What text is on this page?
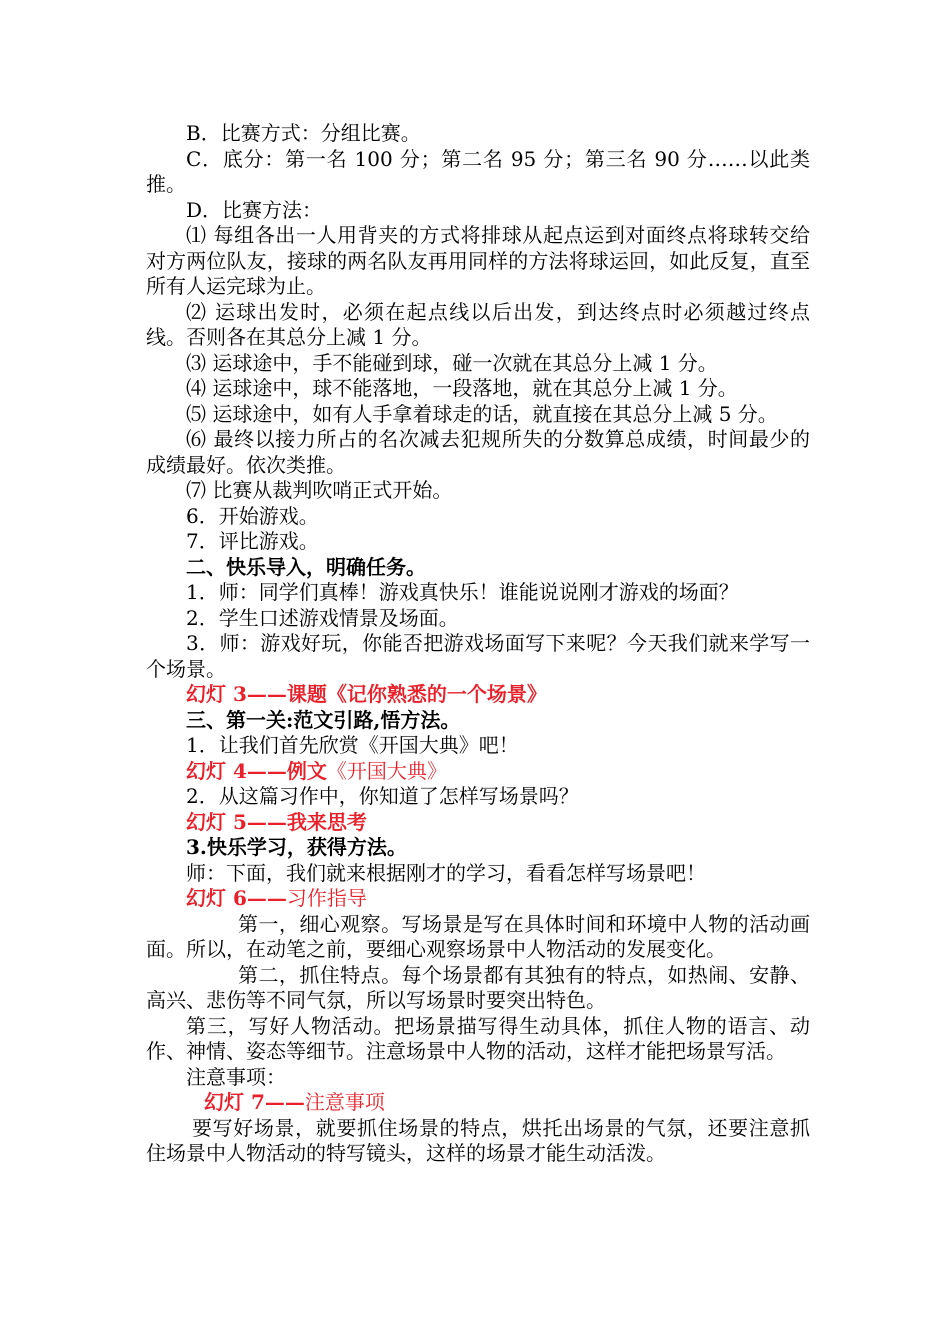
B．比赛方式：分组比赛。

C．底分：第一名 100 分；第二名 95 分；第三名 90 分……以此类推。

D．比赛方法：

⑴ 每组各出一人用背夹的方式将排球从起点运到对面终点将球转交给对方两位队友，接球的两名队友再用同样的方法将球运回，如此反复，直至所有人运完球为止。

⑵ 运球出发时，必须在起点线以后出发，到达终点时必须越过终点线。否则各在其总分上减 1 分。

⑶ 运球途中，手不能碰到球，碰一次就在其总分上减 1 分。

⑷ 运球途中，球不能落地，一段落地，就在其总分上减 1 分。

⑸ 运球途中，如有人手拿着球走的话，就直接在其总分上减 5 分。

⑹ 最终以接力所占的名次减去犯规所失的分数算总成绩，时间最少的成绩最好。依次类推。

⑺ 比赛从裁判吹哨正式开始。

6．开始游戏。

7．评比游戏。

二、快乐导入，明确任务。

1．师：同学们真棒！游戏真快乐！谁能说说刚才游戏的场面？

2．学生口述游戏情景及场面。

3．师：游戏好玩，你能否把游戏场面写下来呢？今天我们就来学写一个场景。

幻灯 3——课题《记你熟悉的一个场景》

三、第一关:范文引路,悟方法。

1．让我们首先欣赏《开国大典》吧！

幻灯 4——例文《开国大典》

2．从这篇习作中，你知道了怎样写场景吗？

幻灯 5——我来思考

3.快乐学习，获得方法。

师：下面，我们就来根据刚才的学习，看看怎样写场景吧！

幻灯 6——习作指导

第一，细心观察。写场景是写在具体时间和环境中人物的活动画面。所以，在动笔之前，要细心观察场景中人物活动的发展变化。

第二，抓住特点。每个场景都有其独有的特点，如热闹、安静、高兴、悲伤等不同气氛，所以写场景时要突出特色。

第三，写好人物活动。把场景描写得生动具体，抓住人物的语言、动作、神情、姿态等细节。注意场景中人物的活动，这样才能把场景写活。

注意事项：

幻灯 7——注意事项

要写好场景，就要抓住场景的特点，烘托出场景的气氛，还要注意抓住场景中人物活动的特写镜头，这样的场景才能生动活泼。
